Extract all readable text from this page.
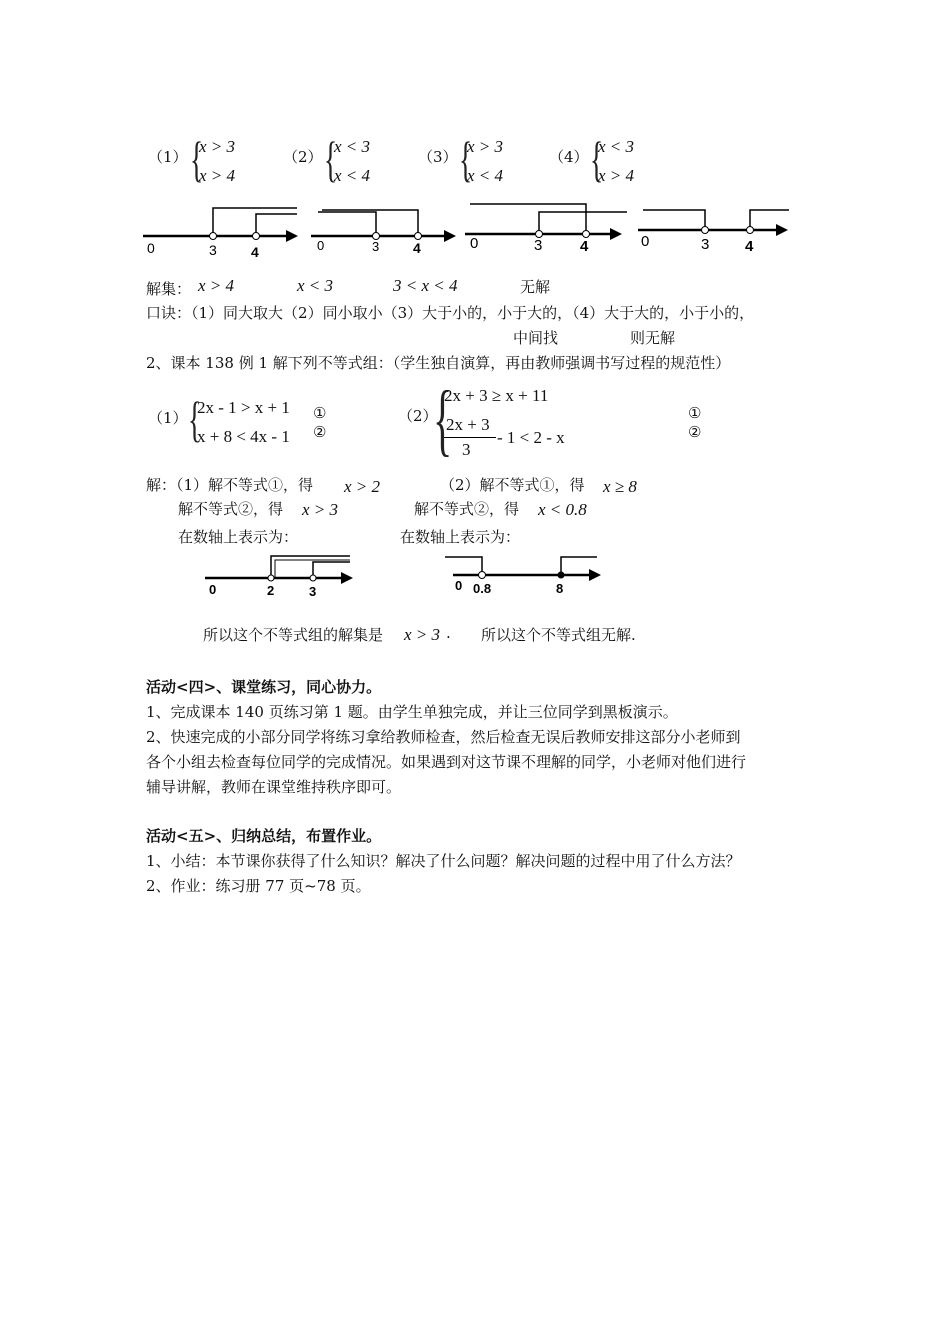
（1） {
x > 3
x > 4
（2） {
x < 3
x < 4
（3） {
x > 3
x < 4
（4） {
x < 3
x > 4
0	3 4	0	3 4	0	3	4	0	3 4
解集： x > 4	x < 3	3 < x < 4	无解
口诀：（1）同大取大（2）同小取小（3）大于小的，小于大的，（4）大于大的，小于小的，
中间找	则无解
2、课本 138 例 1 解下列不等式组：（学生独自演算，再由教师强调书写过程的规范性）
（1） {
2x - 1 > x + 1
x + 8 < 4x - 1
①
②
（2）
{
2x + 3 ≥ x + 11
2x + 3
3
- 1 < 2 - x
①
②
解：（1）解不等式①，得 x > 2	（2）解不等式①，得 x ≥ 8
解不等式②，得 x > 3	解不等式②，得 x < 0.8
在数轴上表示为：	在数轴上表示为：
0	2	3	0 0.8	8
所以这个不等式组的解集是 x > 3 . 所以这个不等式组无解.
活动<四>、课堂练习，同心协力。
1、完成课本 140 页练习第 1 题。由学生单独完成，并让三位同学到黑板演示。
2、快速完成的小部分同学将练习拿给教师检查，然后检查无误后教师安排这部分小老师到
各个小组去检查每位同学的完成情况。如果遇到对这节课不理解的同学，小老师对他们进行
辅导讲解，教师在课堂维持秩序即可。
活动<五>、归纳总结，布置作业。
1、小结：本节课你获得了什么知识？解决了什么问题？解决问题的过程中用了什么方法？
2、作业：练习册 77 页~78 页。
